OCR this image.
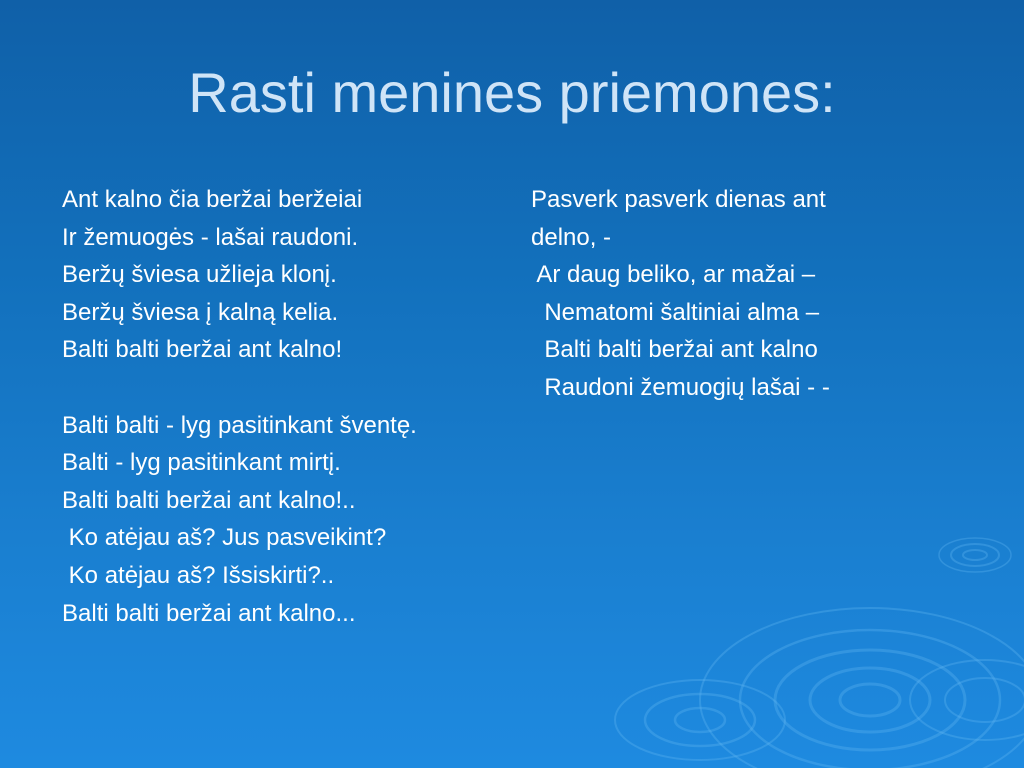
Rasti menines priemones:
Ant kalno čia beržai beržeiai
Ir žemuogės - lašai raudoni.
Beržų šviesa užlieja klonį.
Beržų šviesa į kalną kelia.
Balti balti beržai ant kalno!
Balti balti - lyg pasitinkant šventę.
Balti - lyg pasitinkant mirtį.
Balti balti beržai ant kalno!..
Ko atėjau aš? Jus pasveikint?
Ko atėjau aš? Išsiskirti?..
Balti balti beržai ant kalno...
Pasverk pasverk dienas ant
delno, -
Ar daug beliko, ar mažai –
Nematomi šaltiniai alma –
Balti balti beržai ant kalno
Raudoni žemuogių lašai - -
